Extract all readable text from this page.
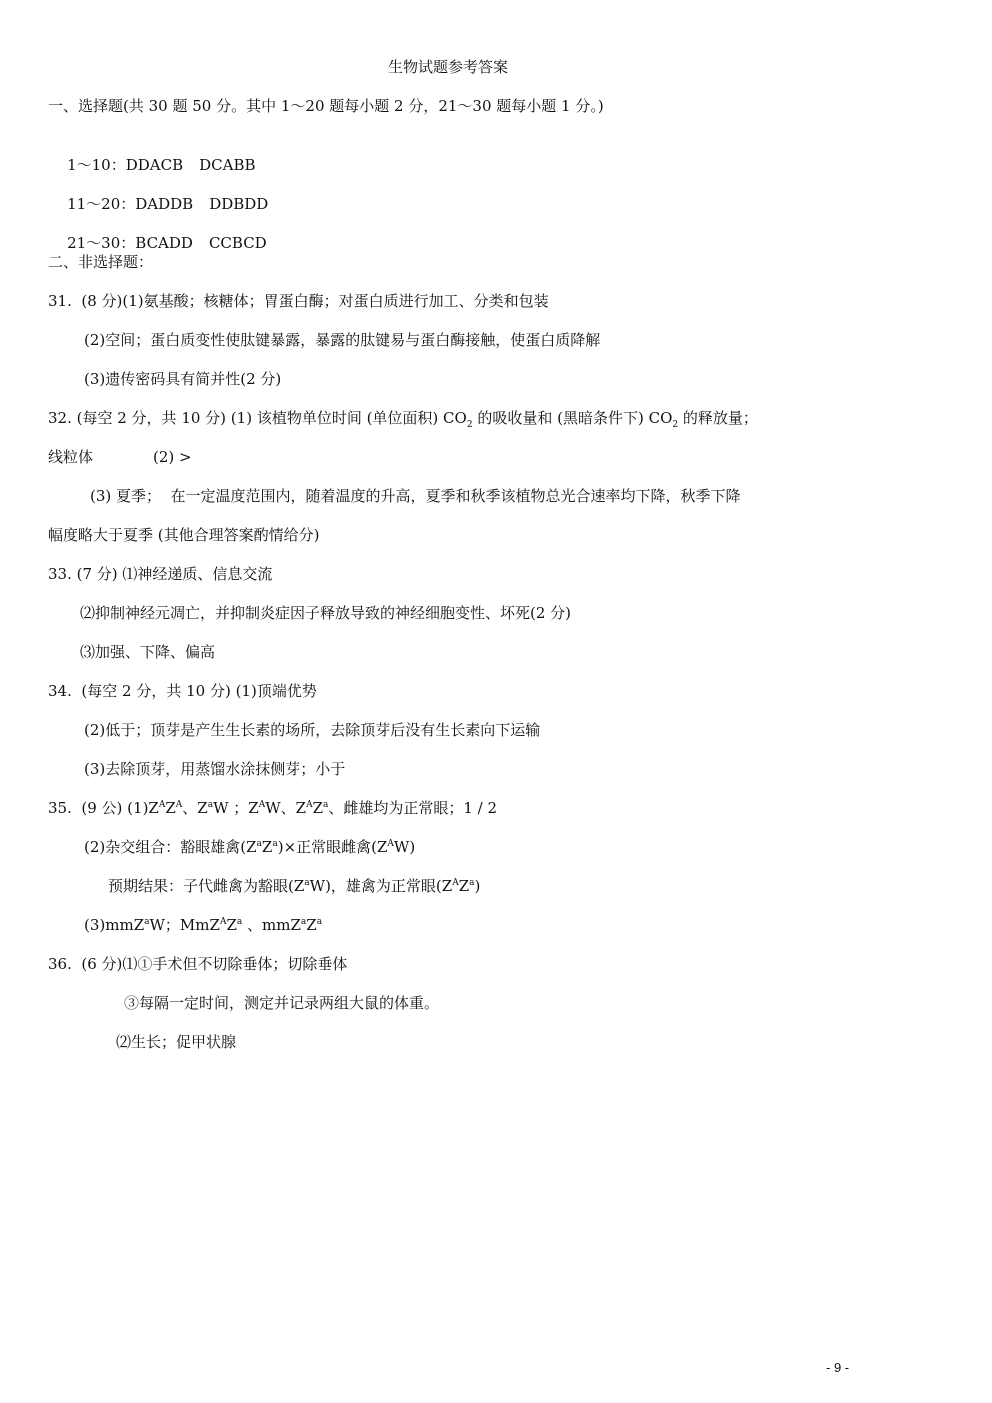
生物试题参考答案
一、选择题(共 30 题 50 分。其中 1～20 题每小题 2 分，21～30 题每小题 1 分。)

1～10：DDACB DCABB

11～20：DADDB DDBDD

21～30：BCADD CCBCD

二、非选择题：
31.  (8 分)(1)氨基酸；核糖体；胃蛋白酶；对蛋白质进行加工、分类和包装
(2)空间；蛋白质变性使肽键暴露，暴露的肽键易与蛋白酶接触，使蛋白质降解
(3)遗传密码具有简并性(2 分)
32. (每空 2 分，共 10 分) (1) 该植物单位时间 (单位面积) $CO_2$ 的吸收量和 (黑暗条件下) $CO_2$ 的释放量；
线粒体	(2) >
(3) 夏季；  在一定温度范围内，随着温度的升高，夏季和秋季该植物总光合速率均下降，秋季下降
幅度略大于夏季 (其他合理答案酌情给分)
33. (7 分) ⑴神经递质、信息交流
⑵抑制神经元凋亡，并抑制炎症因子释放导致的神经细胞变性、坏死(2 分)
⑶加强、下降、偏高
34.  (每空 2 分，共 10 分) (1)顶端优势
(2)低于；顶芽是产生生长素的场所，去除顶芽后没有生长素向下运输
(3)去除顶芽，用蒸馏水涂抹侧芽；小于
35.  (9 公) $(1)Z^AZ^A$、$Z^aW$ ；$Z^AW$、$Z^AZ^a$、雌雄均为正常眼；1 / 2
(2)杂交组合：豁眼雄禽$(Z^aZ^a)\times$正常眼雌禽$(Z^AW)$
预期结果：子代雌禽为豁眼$(Z^aW)$，雄禽为正常眼$(Z^AZ^a)$
(3)mmZ$^a$W；$MmZ^AZ^a$ 、$mmZ^aZ^a$
36.  (6 分)⑴①手术但不切除垂体；切除垂体
③每隔一定时间，测定并记录两组大鼠的体重。
⑵生长；促甲状腺
- 9 -
